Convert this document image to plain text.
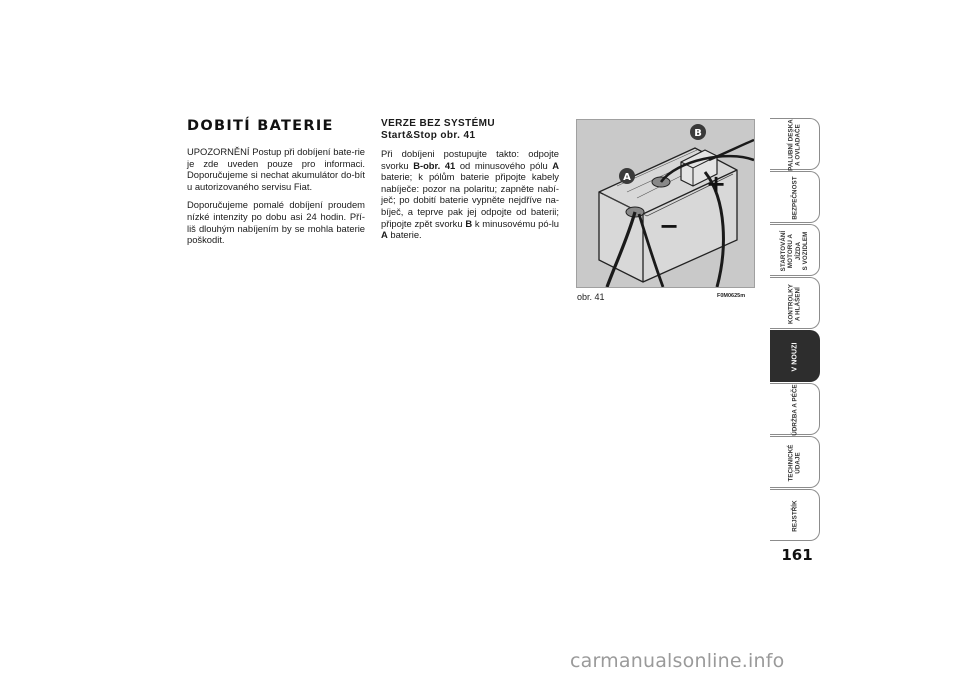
DOBITÍ BATERIE

UPOZORNĚNÍ Postup při dobíjení bate-rie je zde uveden pouze pro informaci. Doporučujeme si nechat akumulátor do-bít u autorizovaného servisu Fiat.

Doporučujeme pomalé dobíjení proudem nízké intenzity po dobu asi 24 hodin. Pří-liš dlouhým nabíjením by se mohla baterie poškodit.

VERZE BEZ SYSTÉMU
Start&Stop obr. 41

Při dobíjeni postupujte takto: odpojte svorku B-obr. 41 od minusového pólu A baterie; k pólům baterie připojte kabely nabíječe: pozor na polaritu; zapněte nabí-ječ; po dobití baterie vypněte nejdříve na-bíječ, a teprve pak jej odpojte od baterii; připojte zpět svorku B k minusovému pó-lu A baterie.

A
B
+
−
obr. 41	F0M0625m
PALUBNÍ DESKA
A OVLADAČE
BEZPEČNOST
STARTOVÁNÍ
MOTORU A JÍZDA
S VOZIDLEM
KONTROLKY
A HLÁŠENÍ
V NOUZI
ÚDRŽBA A PÉČE
TECHNICKÉ ÚDAJE
REJSTŘÍK
161
carmanualsonline.info
